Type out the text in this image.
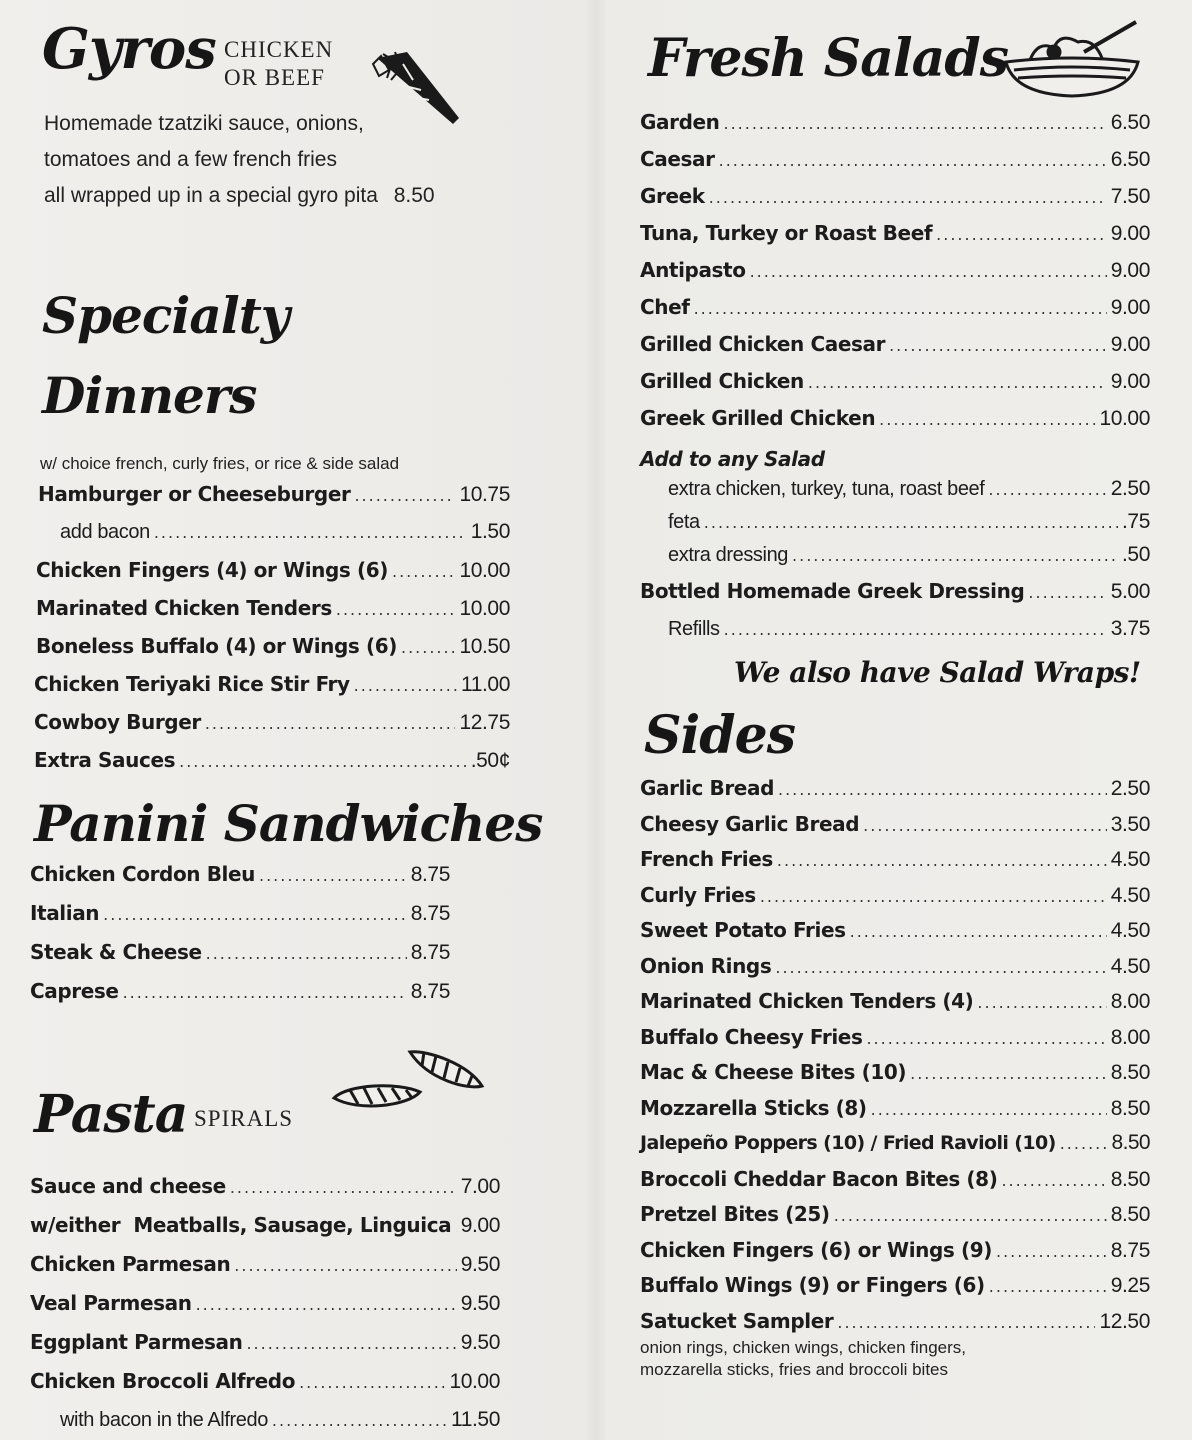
Gyros CHICKEN
OR BEEF
Homemade tzatziki sauce, onions,
tomatoes and a few french fries
all wrapped up in a special gyro pita 8.50
Specialty Dinners
w/ choice french, curly fries, or rice & side salad
Hamburger or Cheeseburger .....	10.75
add bacon .....	1.50
Chicken Fingers (4) or Wings (6) .....	10.00
Marinated Chicken Tenders .....	10.00
Boneless Buffalo (4) or Wings (6) .....	10.50
Chicken Teriyaki Rice Stir Fry .....	11.00
Cowboy Burger .....	12.75
Extra Sauces .....	.50¢
Panini Sandwiches
Chicken Cordon Bleu .....	8.75
Italian .....	8.75
Steak & Cheese .....	8.75
Caprese .....	8.75
Pasta SPIRALS
Sauce and cheese .....	7.00
w/either  Meatballs, Sausage, Linguica ..... 9.00
Chicken Parmesan .....	9.50
Veal Parmesan .....	9.50
Eggplant Parmesan .....	9.50
Chicken Broccoli Alfredo .....	10.00
with bacon in the Alfredo .....	11.50
Fresh Salads
Garden .....	6.50
Caesar .....	6.50
Greek .....	7.50
Tuna, Turkey or Roast Beef .....	9.00
Antipasto .....	9.00
Chef .....	9.00
Grilled Chicken Caesar .....	9.00
Grilled Chicken .....	9.00
Greek Grilled Chicken .....	10.00
Add to any Salad
extra chicken, turkey, tuna, roast beef .....	2.50
feta .....	.75
extra dressing .....	.50
Bottled Homemade Greek Dressing .....	5.00
Refills .....	3.75
We also have Salad Wraps!
Sides
Garlic Bread .....	2.50
Cheesy Garlic Bread .....	3.50
French Fries .....	4.50
Curly Fries .....	4.50
Sweet Potato Fries .....	4.50
Onion Rings .....	4.50
Marinated Chicken Tenders (4) .....	8.00
Buffalo Cheesy Fries .....	8.00
Mac & Cheese Bites (10) .....	8.50
Mozzarella Sticks (8) .....	8.50
Jalepeño Poppers (10) / Fried Ravioli (10) .....	8.50
Broccoli Cheddar Bacon Bites (8) .....	8.50
Pretzel Bites (25) .....	8.50
Chicken Fingers (6) or Wings (9) .....	8.75
Buffalo Wings (9) or Fingers (6) .....	9.25
Satucket Sampler .....	12.50
onion rings, chicken wings, chicken fingers,
mozzarella sticks, fries and broccoli bites
